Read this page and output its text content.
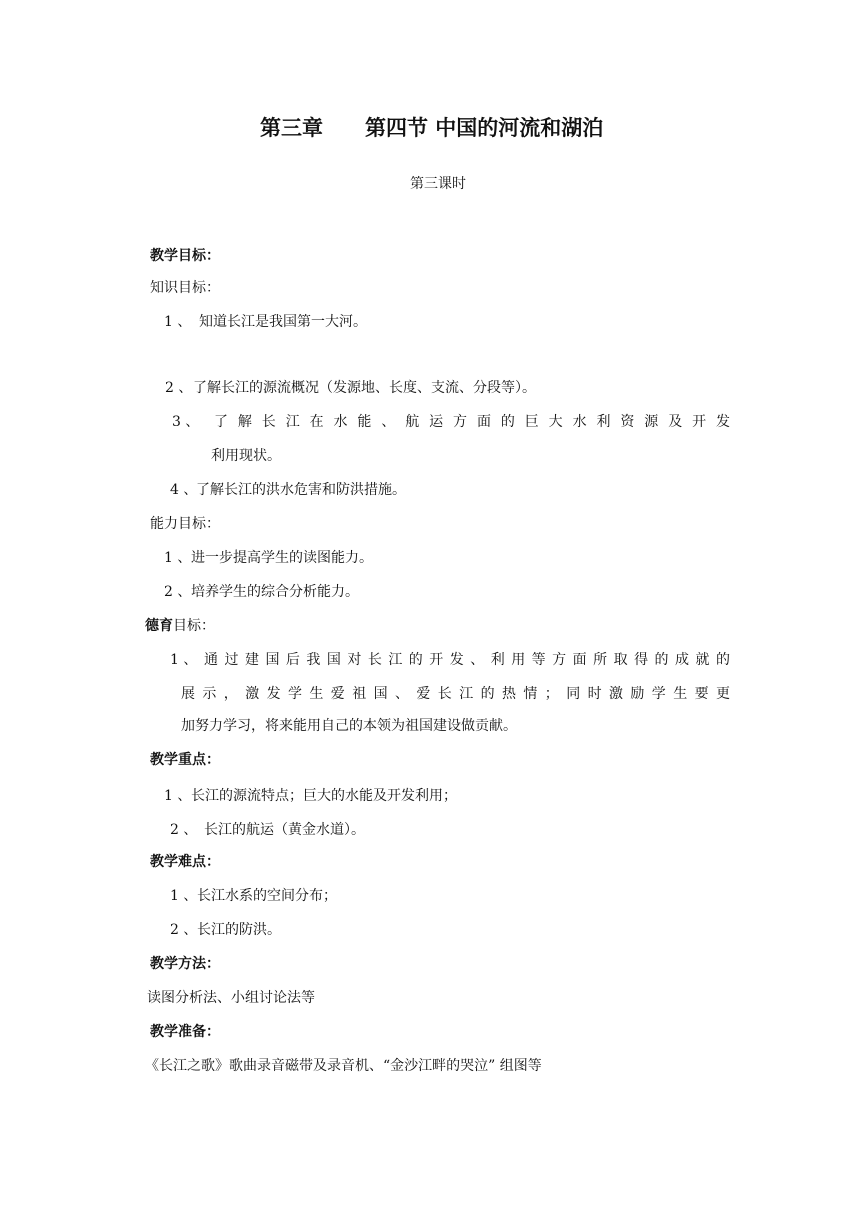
第三章 第四节 中国的河流和湖泊
第三课时
教学目标：
知识目标：
1 、 知道长江是我国第一大河。
2 、 了解长江的源流概况（发源地、长度、支流、分段等）。
3 、 了解长江在水能、航运方面的巨大水利资源及开发
利用现状。
4 、
了解长江的洪水危害和防洪措施。
能力目标：
1 、 进一步提高学生的读图能力。
2 、 培养学生的综合分析能力。
德育目标：
1 、 通过建国后我国对长江的开发、利用等方面所取得的成就的
展示，激发学生爱祖国、爱长江的热情；同时激励学生要更
加努力学习，将来能用自己的本领为祖国建设做贡献。
教学重点：
1 、 长江的源流特点；巨大的水能及开发利用；
2 、 长江的航运（黄金水道）。
教学难点：
1 、 长江水系的空间分布；
2 、 长江的防洪。
教学方法：
读图分析法、小组讨论法等
教学准备：
《长江之歌》歌曲录音磁带及录音机、“金沙江畔的哭泣” 组图等
